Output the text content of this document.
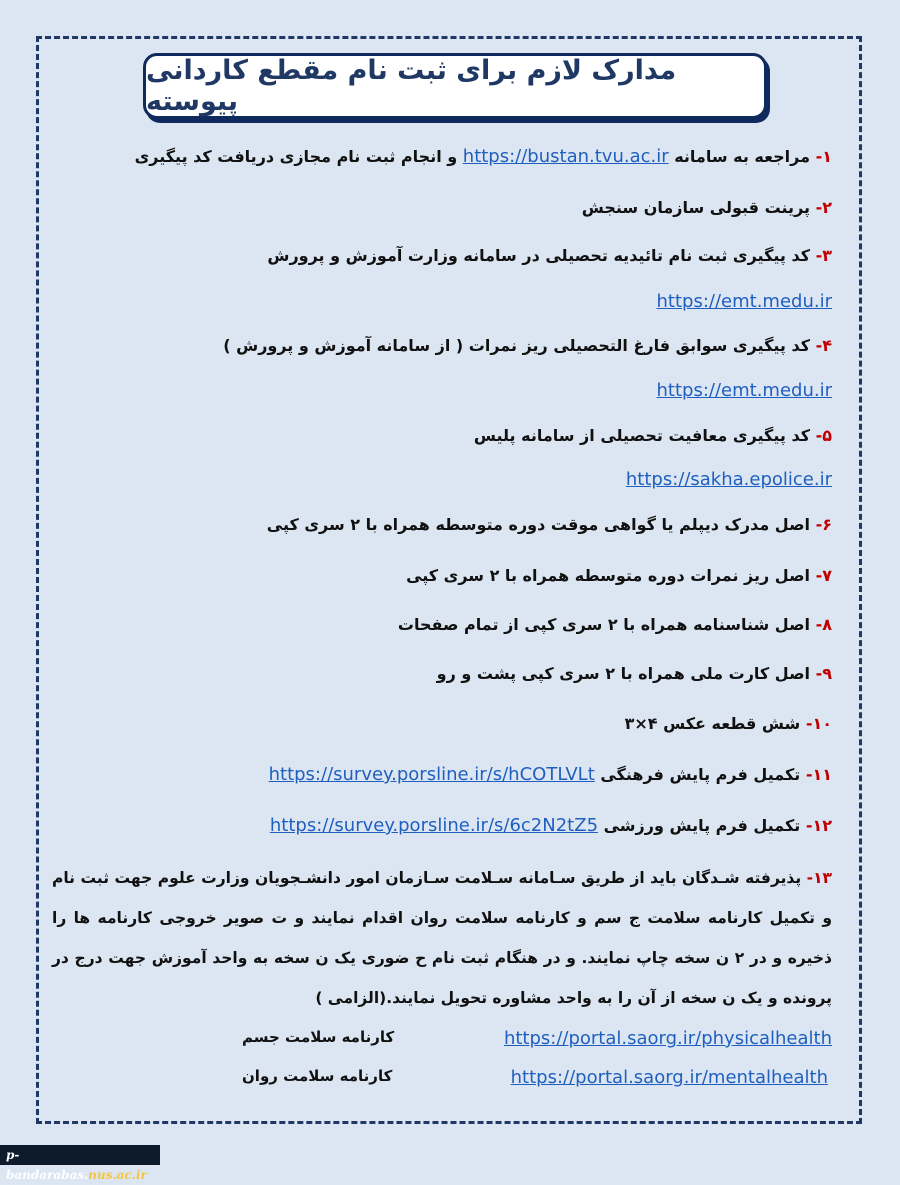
مدارک لازم برای ثبت نام مقطع کاردانی پیوسته
۱- مراجعه به سامانه https://bustan.tvu.ac.ir و انجام ثبت نام مجازی دریافت کد پیگیری
۲- پرینت قبولی سازمان سنجش
۳- کد پیگیری ثبت نام تائیدیه تحصیلی در سامانه وزارت آموزش و پرورش
https://emt.medu.ir
۴- کد پیگیری سوابق فارغ التحصیلی ریز نمرات ( از سامانه آموزش و پرورش )
https://emt.medu.ir
۵- کد پیگیری معافیت تحصیلی از سامانه پلیس
https://sakha.epolice.ir
۶- اصل مدرک دیپلم یا گواهی موقت دوره متوسطه همراه با ۲ سری کپی
۷- اصل ریز نمرات دوره متوسطه همراه با ۲ سری کپی
۸- اصل شناسنامه همراه با ۲ سری کپی از تمام صفحات
۹- اصل کارت ملی همراه با ۲ سری کپی پشت و رو
۱۰- شش قطعه عکس ۴×۳
۱۱- تکمیل فرم پایش فرهنگی https://survey.porsline.ir/s/hCOTLVLt
۱۲- تکمیل فرم پایش ورزشی https://survey.porsline.ir/s/6c2N2tZ5
۱۳- پذیرفته شـدگان باید از طریق سـامانه سـلامت سـازمان امور دانشـجویان وزارت علوم جهت ثبت نام و تکمیل کارنامه سلامت ج سم و کارنامه سلامت روان اقدام نمایند و ت صویر خروجی کارنامه ها را ذخیره و در ۲ ن سخه چاپ نمایند. و در هنگام ثبت نام ح ضوری یک ن سخه به واحد آموزش جهت درج در پرونده و یک ن سخه از آن را به واحد مشاوره تحویل نمایند.(الزامی )
https://portal.saorg.ir/physicalhealth
کارنامه سلامت جسم
https://portal.saorg.ir/mentalhealth
کارنامه سلامت روان
p-bandarabas.nus.ac.ir
